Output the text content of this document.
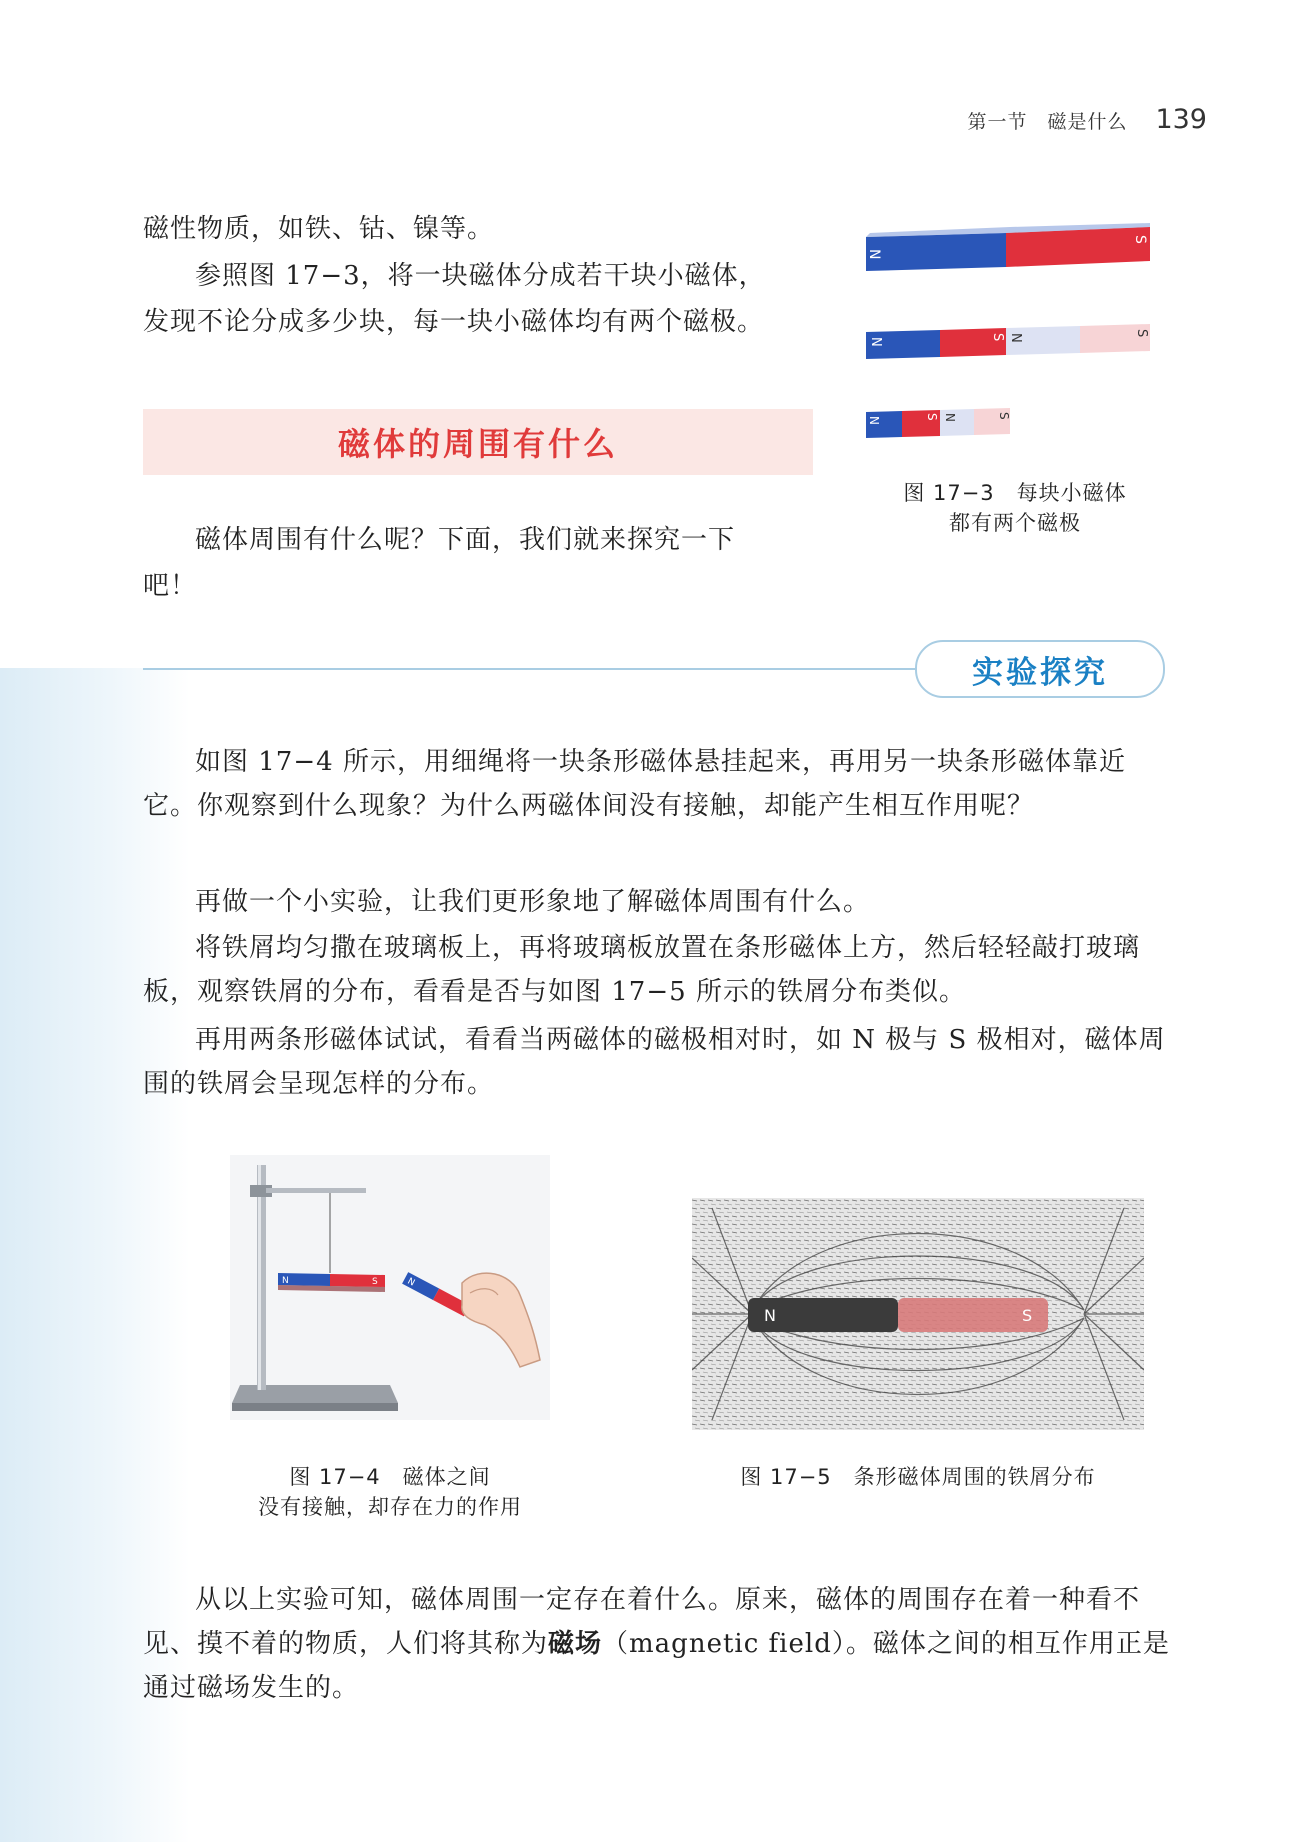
第一节　磁是什么 139

磁性物质，如铁、钴、镍等。

参照图 17−3，将一块磁体分成若干块小磁体，

发现不论分成多少块，每一块小磁体均有两个磁极。

N
S
N	S N	S
N	S N	S
图 17−3　每块小磁体
都有两个磁极
磁体的周围有什么

磁体周围有什么呢？下面，我们就来探究一下

吧！

实验探究

如图 17−4 所示，用细绳将一块条形磁体悬挂起来，再用另一块条形磁体靠近它。你观察到什么现象？为什么两磁体间没有接触，却能产生相互作用呢？

再做一个小实验，让我们更形象地了解磁体周围有什么。

将铁屑均匀撒在玻璃板上，再将玻璃板放置在条形磁体上方，然后轻轻敲打玻璃板，观察铁屑的分布，看看是否与如图 17−5 所示的铁屑分布类似。

再用两条形磁体试试，看看当两磁体的磁极相对时，如 N 极与 S 极相对，磁体周围的铁屑会呈现怎样的分布。

N	S	N
图 17−4　磁体之间
没有接触，却存在力的作用
N	S
图 17−5　条形磁体周围的铁屑分布

从以上实验可知，磁体周围一定存在着什么。原来，磁体的周围存在着一种看不见、摸不着的物质，人们将其称为磁场（magnetic field）。磁体之间的相互作用正是通过磁场发生的。
